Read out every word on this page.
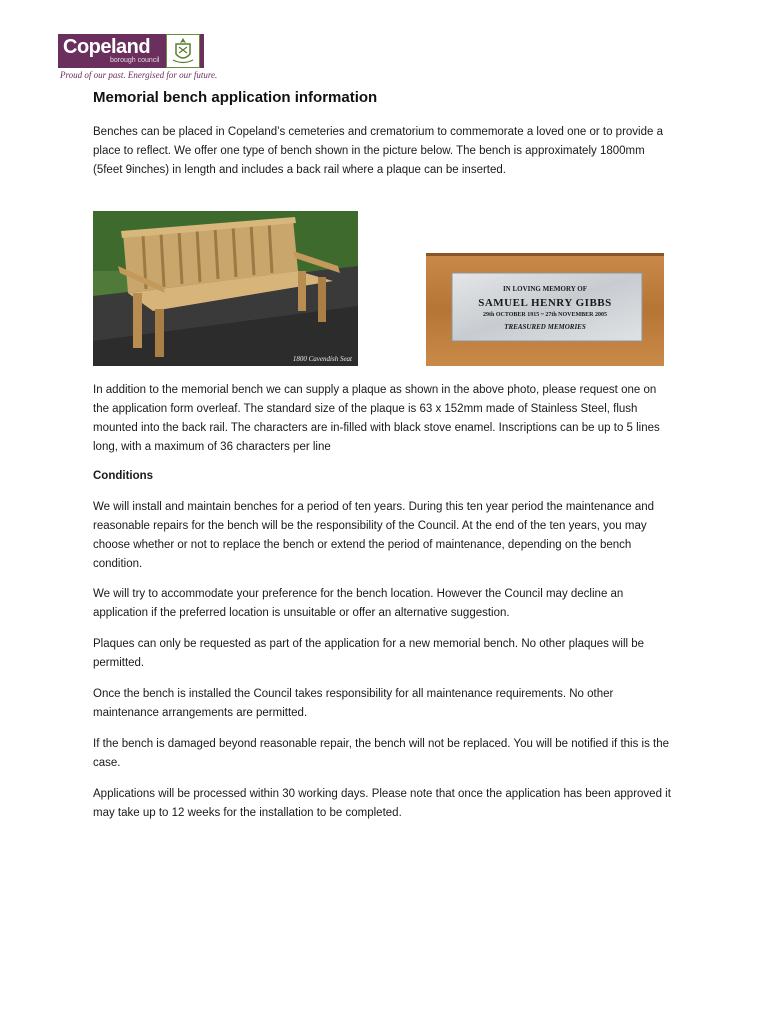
Copeland
borough council
Proud of our past. Energised for our future.
Memorial bench application information

Benches can be placed in Copeland’s cemeteries and crematorium to commemorate a loved one or to provide a place to reflect. We offer one type of bench shown in the picture below. The bench is approximately 1800mm (5feet 9inches) in length and includes a back rail where a plaque can be inserted.

1800 Cavendish Seat
IN LOVING MEMORY OF
SAMUEL HENRY GIBBS
29th OCTOBER 1915 ~ 27th NOVEMBER 2005
TREASURED MEMORIES

In addition to the memorial bench we can supply a plaque as shown in the above photo, please request one on the application form overleaf. The standard size of the plaque is 63 x 152mm made of Stainless Steel, flush mounted into the back rail. The characters are in-filled with black stove enamel. Inscriptions can be up to 5 lines long, with a maximum of 36 characters per line

Conditions

We will install and maintain benches for a period of ten years. During this ten year period the maintenance and reasonable repairs for the bench will be the responsibility of the Council. At the end of the ten years, you may choose whether or not to replace the bench or extend the period of maintenance, depending on the bench condition.

We will try to accommodate your preference for the bench location. However the Council may decline an application if the preferred location is unsuitable or offer an alternative suggestion.

Plaques can only be requested as part of the application for a new memorial bench. No other plaques will be permitted.

Once the bench is installed the Council takes responsibility for all maintenance requirements. No other maintenance arrangements are permitted.

If the bench is damaged beyond reasonable repair, the bench will not be replaced. You will be notified if this is the case.

Applications will be processed within 30 working days. Please note that once the application has been approved it may take up to 12 weeks for the installation to be completed.
